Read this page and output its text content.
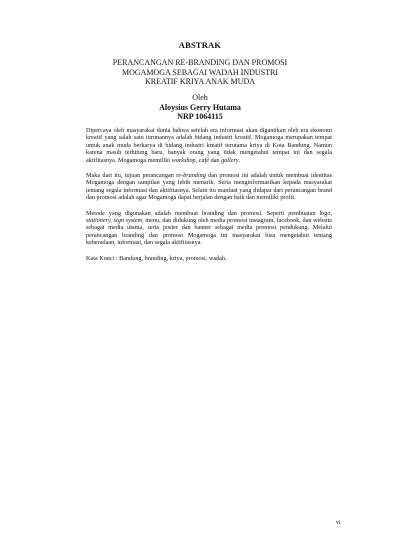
ABSTRAK
PERANCANGAN RE-BRANDING DAN PROMOSI
MOGAMOGA SEBAGAI WADAH INDUSTRI
KREATIF KRIYA ANAK MUDA
Oleh
Aloysius Gerry Hutama
NRP 1064115

Dipercaya oleh masyarakat dunia bahwa setelah era informasi akan digantikan oleh era ekonomi kreatif yang salah satu turunannya adalah bidang industri kreatif. Mogamoga merupakan tempat untuk anak muda berkarya di bidang industri kreatif terutama kriya di Kota Bandung. Namun karena masih terhitung baru, banyak orang yang tidak mengetahui tempat ini dan segala aktifitasnya. Mogamoga memiliki workshop, café dan gallery.

Maka dari itu, tujuan perancangan re-branding dan promosi ini adalah untuk membuat identitas Mogamoga dengan tampilan yang lebih menarik. Serta menginformasikan kepada masyarakat tentang segala informasi dan aktifitasnya. Selain itu manfaat yang didapat dari perancangan brand dan promosi adalah agar Mogamoga dapat berjalan dengan baik dan memiliki profit.

Metode yang digunakan adalah membuat branding dan promosi. Seperti pembuatan logo, stationery, sign system, menu, dan didukung oleh media promosi instagram, facebook, dan website sebagai media utama, serta poster dan banner sebagai media promosi pendukung. Melalui perancangan branding dan promosi Mogamoga ini masyarakat bisa mengetahui tentang keberadaan, informasi, dan segala aktifitasnya.

Kata Kunci : Bandung, branding, kriya, promosi, wadah.

vi
